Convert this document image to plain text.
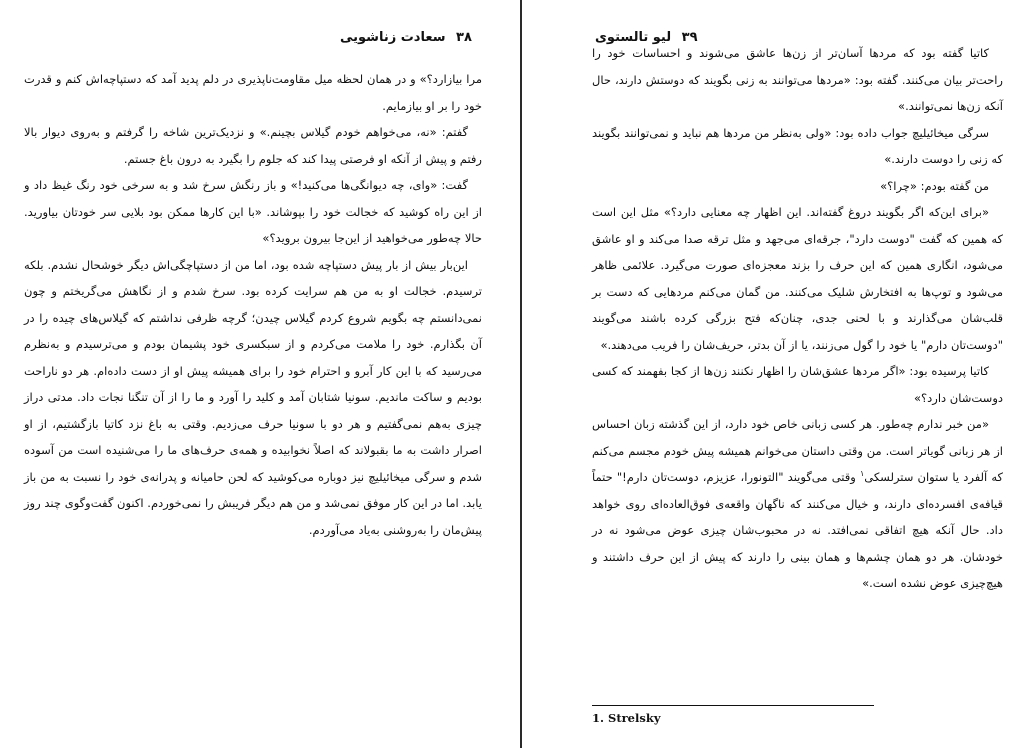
۳۸ سعادت زناشویی

مرا بیازارد؟» و در همان لحظه میل مقاومت‌ناپذیری در دلم پدید آمد که دستپاچه‌اش کنم و قدرت خود را بر او بیازمایم.

گفتم: «نه، می‌خواهم خودم گیلاس بچینم.» و نزدیک‌ترین شاخه را گرفتم و به‌روی دیوار بالا رفتم و پیش از آنکه او فرصتی پیدا کند که جلوم را بگیرد به درون باغ جستم.

گفت: «وای، چه دیوانگی‌ها می‌کنید!» و باز رنگش سرخ شد و به سرخی خود رنگ غیظ داد و از این راه کوشید که خجالت خود را بپوشاند. «با این کارها ممکن بود بلایی سر خودتان بیاورید. حالا چه‌طور می‌خواهید از این‌جا بیرون بروید؟»

این‌بار بیش از بار پیش دستپاچه شده بود، اما من از دستپاچگی‌اش دیگر خوشحال نشدم. بلکه ترسیدم. خجالت او به من هم سرایت کرده بود. سرخ شدم و از نگاهش می‌گریختم و چون نمی‌دانستم چه بگویم شروع کردم گیلاس چیدن؛ گرچه ظرفی نداشتم که گیلاس‌های چیده را در آن بگذارم. خود را ملامت می‌کردم و از سبکسری خود پشیمان بودم و می‌ترسیدم و به‌نظرم می‌رسید که با این کار آبرو و احترام خود را برای همیشه پیش او از دست داده‌ام. هر دو ناراحت بودیم و ساکت ماندیم. سونیا شتابان آمد و کلید را آورد و ما را از آن تنگنا نجات داد. مدتی دراز چیزی به‌هم نمی‌گفتیم و هر دو با سونیا حرف می‌زدیم. وقتی به باغ نزد کاتیا بازگشتیم، از او اصرار داشت به ما بقبولاند که اصلاً نخوابیده و همه‌ی حرف‌های ما را می‌شنیده است من آسوده شدم و سرگی میخائیلیچ نیز دوباره می‌کوشید که لحن حامیانه و پدرانه‌ی خود را نسبت به من باز یابد. اما در این کار موفق نمی‌شد و من هم دیگر فریبش را نمی‌خوردم. اکنون گفت‌وگوی چند روز پیش‌مان را به‌روشنی به‌یاد می‌آوردم.

۳۹ لیو تالستوی

کاتیا گفته بود که مردها آسان‌تر از زن‌ها عاشق می‌شوند و احساسات خود را راحت‌تر بیان می‌کنند. گفته بود: «مردها می‌توانند به زنی بگویند که دوستش دارند، حال آنکه زن‌ها نمی‌توانند.»

سرگی میخائیلیچ جواب داده بود: «ولی به‌نظر من مردها هم نباید و نمی‌توانند بگویند که زنی را دوست دارند.»

من گفته بودم: «چرا؟»

«برای این‌که اگر بگویند دروغ گفته‌اند. این اظهار چه معنایی دارد؟» مثل این است که همین که گفت "دوست دارد"، جرقه‌ای می‌جهد و مثل ترقه صدا می‌کند و او عاشق می‌شود، انگاری همین که این حرف را بزند معجزه‌ای صورت می‌گیرد. علائمی ظاهر می‌شود و توپ‌ها به افتخارش شلیک می‌کنند. من گمان می‌کنم مردهایی که دست بر قلب‌شان می‌گذارند و با لحنی جدی، چنان‌که فتح بزرگی کرده باشند می‌گویند "دوست‌تان دارم" یا خود را گول می‌زنند، یا از آن بدتر، حریف‌شان را فریب می‌دهند.»

کاتیا پرسیده بود: «اگر مردها عشق‌شان را اظهار نکنند زن‌ها از کجا بفهمند که کسی دوست‌شان دارد؟»

«من خبر ندارم چه‌طور. هر کسی زبانی خاص خود دارد، از این گذشته زبان احساس از هر زبانی گویاتر است. من وقتی داستان می‌خوانم همیشه پیش خودم مجسم می‌کنم که آلفرد یا ستوان سترلسکی$^۱$ وقتی می‌گویند "التونورا، عزیزم، دوست‌تان دارم!" حتماً قیافه‌ی افسرده‌ای دارند، و خیال می‌کنند که ناگهان واقعه‌ی فوق‌العاده‌ای روی خواهد داد. حال آنکه هیچ اتفاقی نمی‌افتد. نه در محبوب‌شان چیزی عوض می‌شود نه در خودشان. هر دو همان چشم‌ها و همان بینی را دارند که پیش از این حرف داشتند و هیچ‌چیزی عوض نشده است.»

1. Strelsky
